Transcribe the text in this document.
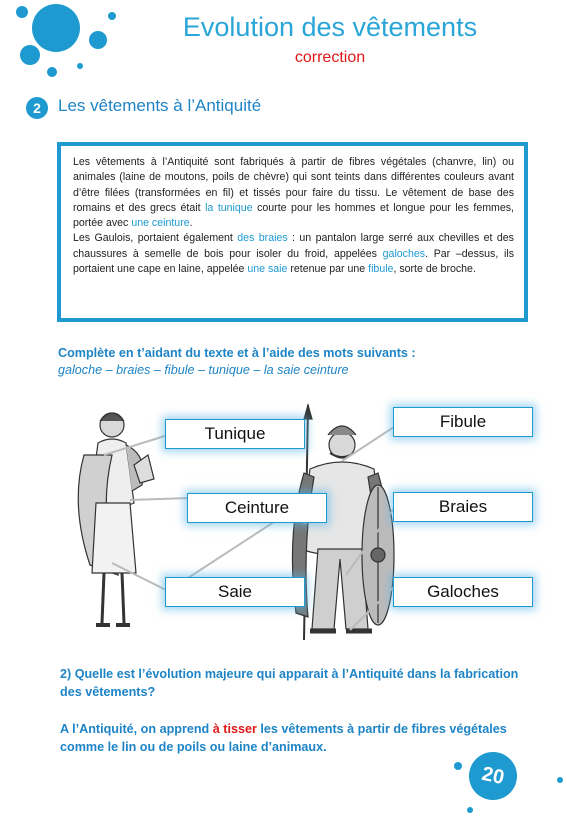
Evolution des vêtements
correction
2	Les vêtements à l’Antiquité

Les vêtements à l’Antiquité sont fabriqués à partir de fibres végétales (chanvre, lin) ou animales (laine de moutons, poils de chèvre) qui sont teints dans différentes couleurs avant d’être filées (transformées en fil) et tissés pour faire du tissu. Le vêtement de base des romains et des grecs était la tunique courte pour les hommes et longue pour les femmes, portée avec une ceinture.

Les Gaulois, portaient également des braies : un pantalon large serré aux chevilles et des chaussures à semelle de bois pour isoler du froid, appelées galoches. Par –dessus, ils portaient une cape en laine, appelée une saie retenue par une fibule, sorte de broche.

Complète en t’aidant du texte et à l’aide des mots suivants :
galoche – braies – fibule – tunique – la saie ceinture
Tunique
Ceinture
Saie
Fibule
Braies
Galoches
2) Quelle est l’évolution majeure qui apparait à l’Antiquité dans la fabrication des vêtements?
A l’Antiquité, on apprend à tisser les vêtements à partir de fibres végétales comme le lin ou de poils ou laine d’animaux.
20
